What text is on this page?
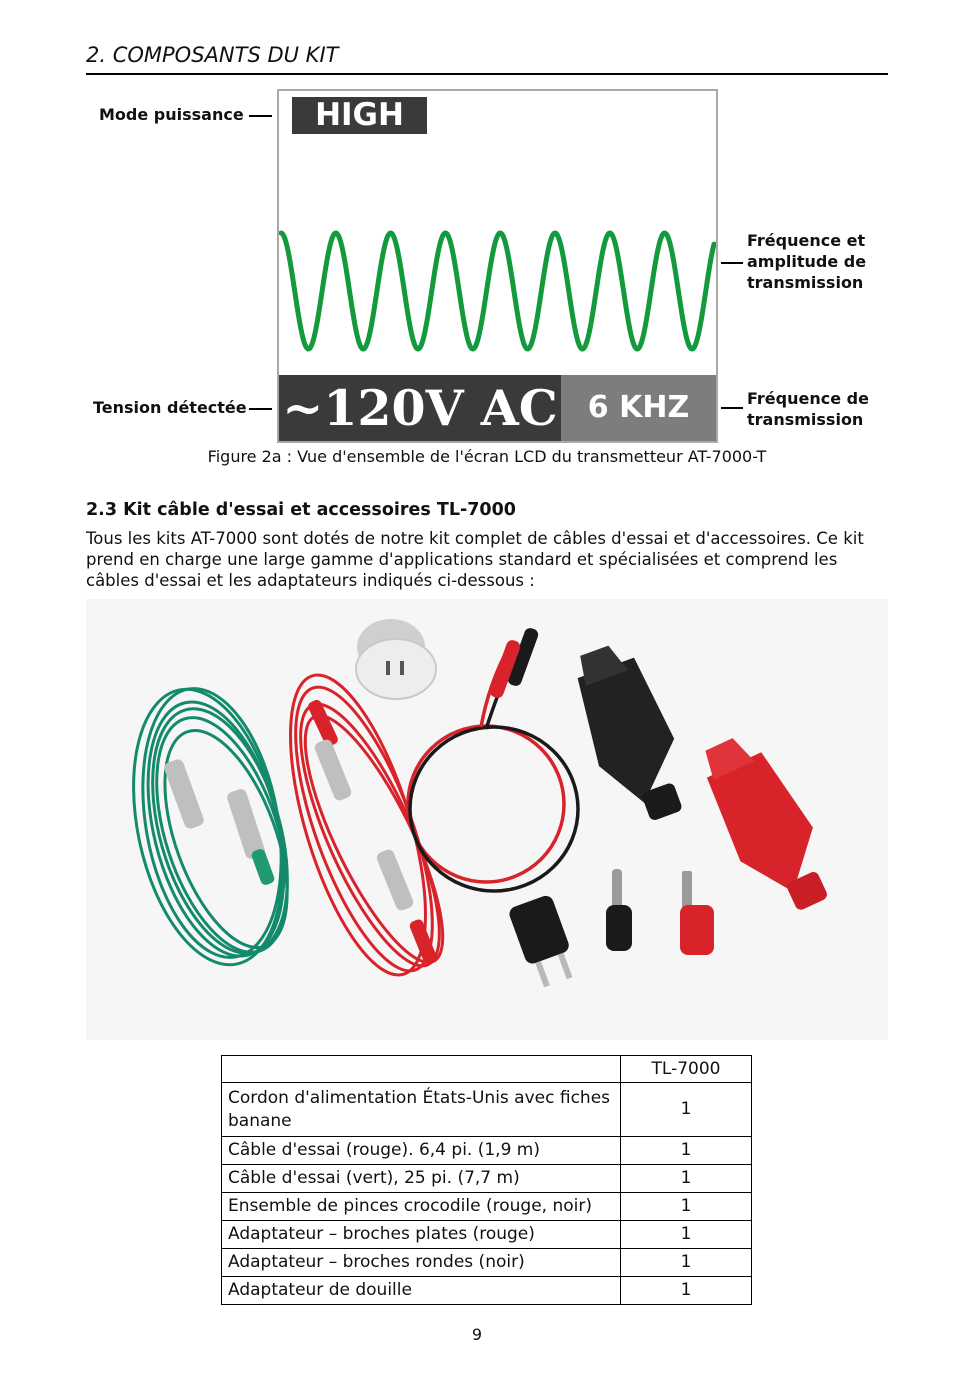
2. COMPOSANTS DU KIT
Mode puissance
Tension détectée
Fréquence et
amplitude de
transmission
Fréquence de
transmission
HIGH
~120V AC	6 KHZ
Figure 2a : Vue d'ensemble de l'écran LCD du transmetteur AT-7000-T
2.3 Kit câble d'essai et accessoires TL-7000
Tous les kits AT-7000 sont dotés de notre kit complet de câbles d'essai et d'accessoires. Ce kit
prend en charge une large gamme d'applications standard et spécialisées et comprend les
câbles d'essai et les adaptateurs indiqués ci-dessous :
	TL-7000

Cordon d'alimentation États-Unis avec fiches
banane	1
Câble d'essai (rouge). 6,4 pi. (1,9 m)	1
Câble d'essai (vert), 25 pi. (7,7 m)	1
Ensemble de pinces crocodile (rouge, noir)	1
Adaptateur – broches plates (rouge)	1
Adaptateur – broches rondes (noir)	1
Adaptateur de douille	1
9
